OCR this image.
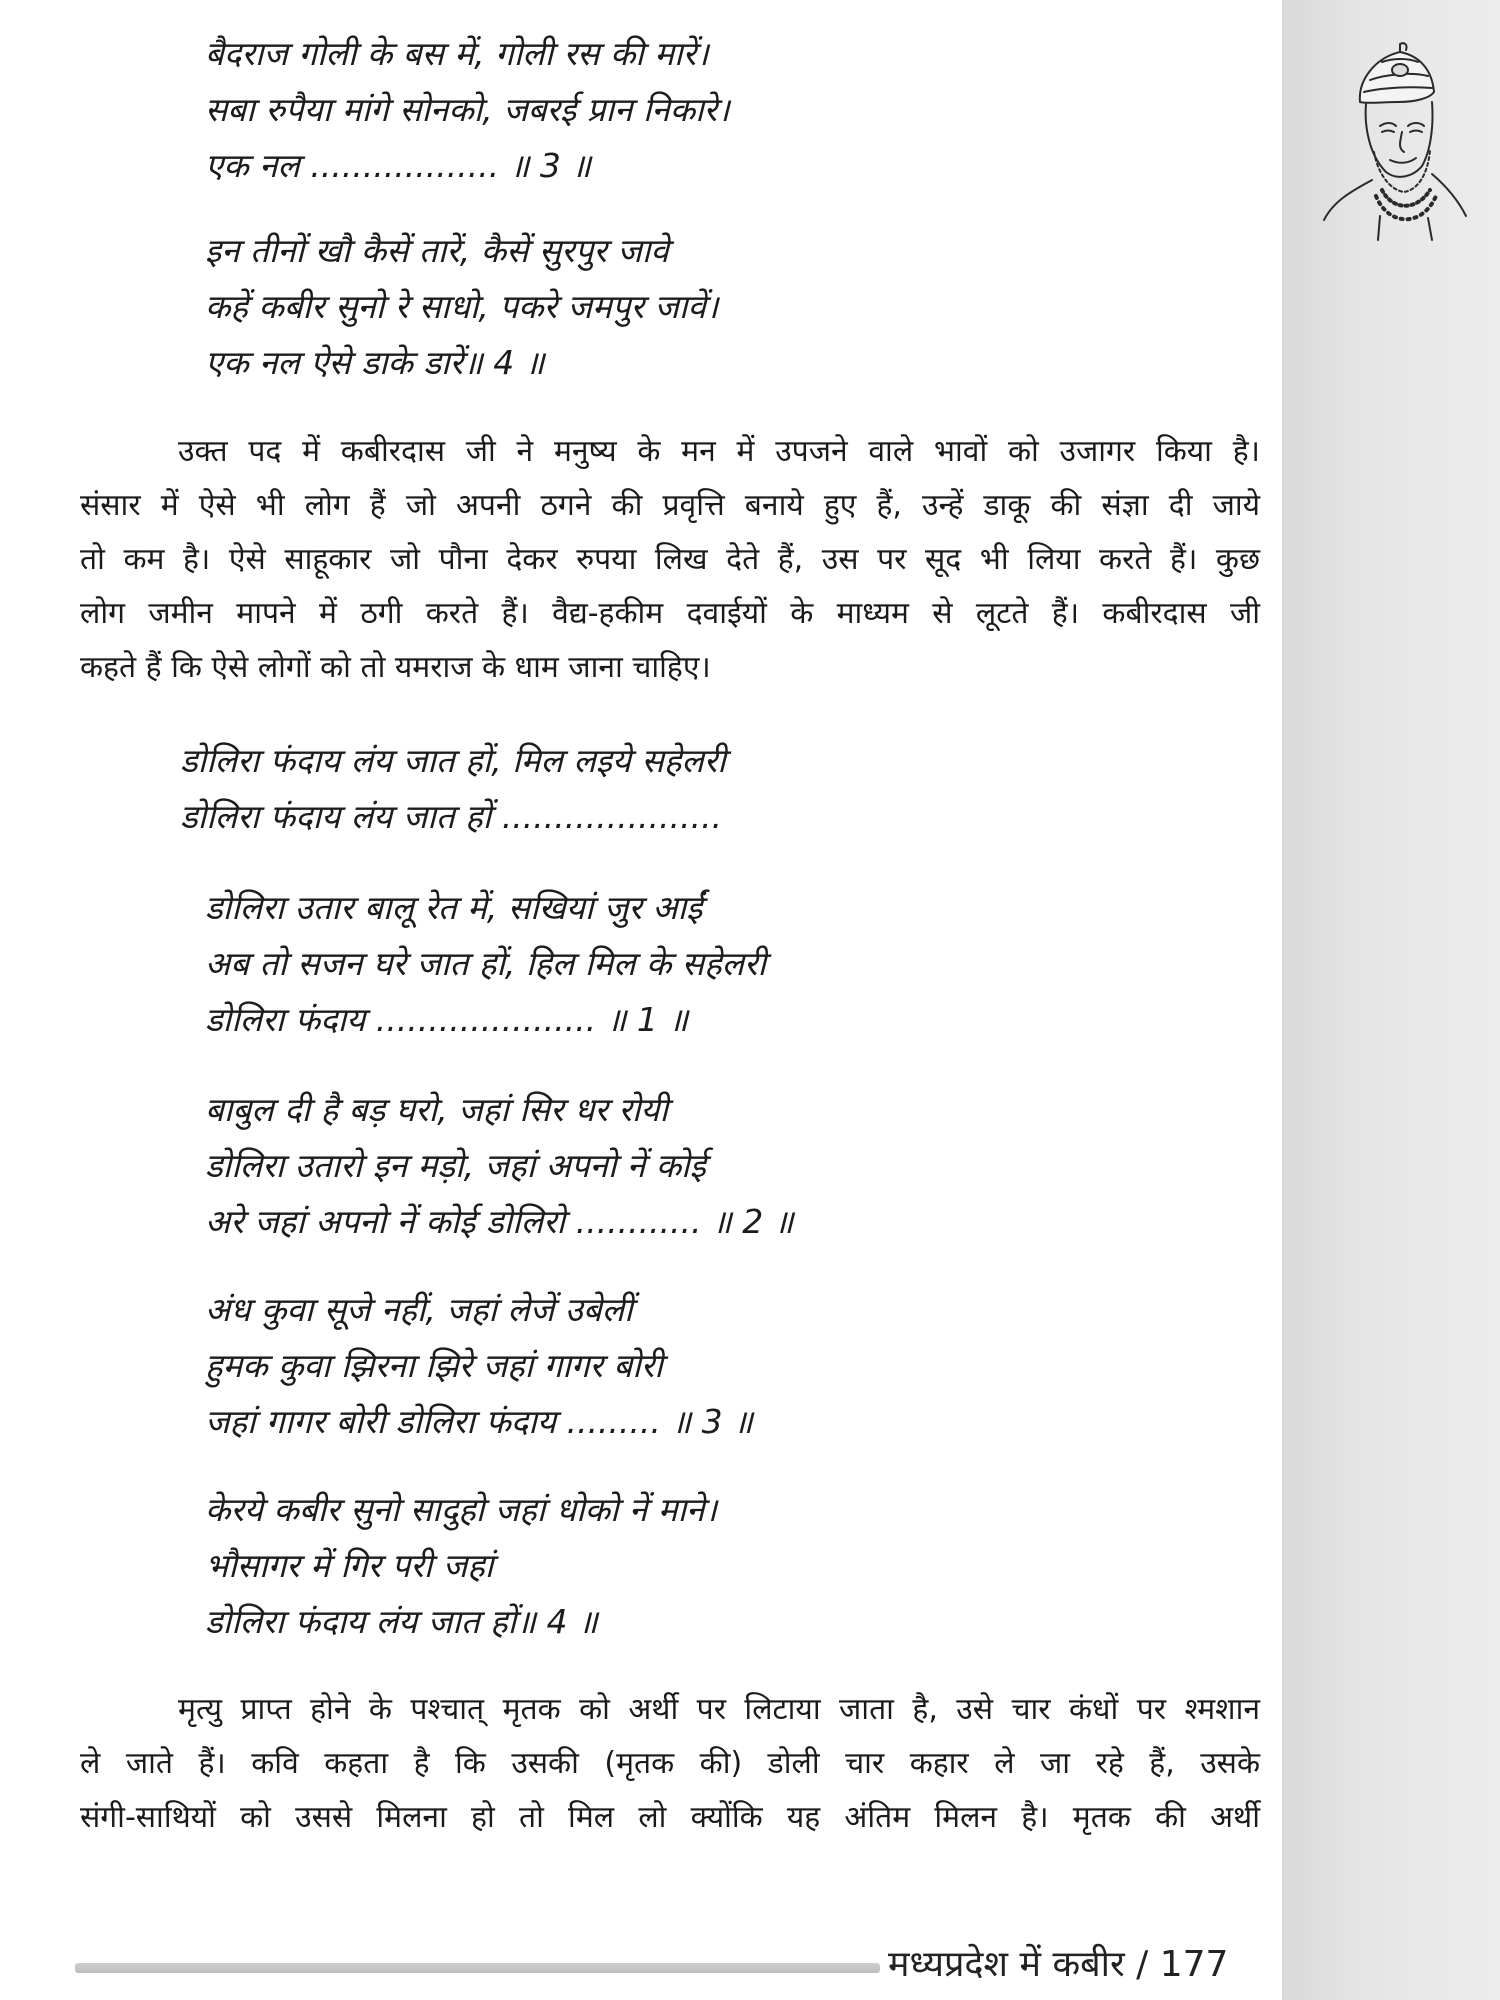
बैदराज गोली के बस में, गोली रस की मारें।
सबा रुपैया मांगे सोनको, जबरई प्रान निकारे।
एक नल .................. ॥ 3 ॥
इन तीनों खौ कैसें तारें, कैसें सुरपुर जावे
कहें कबीर सुनो रे साधो, पकरे जमपुर जावें।
एक नल ऐसे डाके डारें॥ 4 ॥

उक्त पद में कबीरदास जी ने मनुष्य के मन में उपजने वाले भावों को उजागर किया है।
संसार में ऐसे भी लोग हैं जो अपनी ठगने की प्रवृत्ति बनाये हुए हैं, उन्हें डाकू की संज्ञा दी जाये
तो कम है। ऐसे साहूकार जो पौना देकर रुपया लिख देते हैं, उस पर सूद भी लिया करते हैं। कुछ
लोग जमीन मापने में ठगी करते हैं। वैद्य-हकीम दवाईयों के माध्यम से लूटते हैं। कबीरदास जी
कहते हैं कि ऐसे लोगों को तो यमराज के धाम जाना चाहिए।

डोलिरा फंदाय लंय जात हों, मिल लइये सहेलरी
डोलिरा फंदाय लंय जात हों .....................
डोलिरा उतार बालू रेत में, सखियां जुर आईं
अब तो सजन घरे जात हों, हिल मिल के सहेलरी
डोलिरा फंदाय ..................... ॥ 1 ॥
बाबुल दी है बड़ घरो, जहां सिर धर रोयी
डोलिरा उतारो इन मड़ो, जहां अपनो नें कोई
अरे जहां अपनो नें कोई डोलिरो ............ ॥ 2 ॥
अंध कुवा सूजे नहीं, जहां लेजें उबेलीं
हुमक कुवा झिरना झिरे जहां गागर बोरी
जहां गागर बोरी डोलिरा फंदाय ......... ॥ 3 ॥
केरये कबीर सुनो सादुहो जहां धोको नें माने।
भौसागर में गिर परी जहां
डोलिरा फंदाय लंय जात हों॥ 4 ॥

मृत्यु प्राप्त होने के पश्चात् मृतक को अर्थी पर लिटाया जाता है, उसे चार कंधों पर श्मशान
ले जाते हैं। कवि कहता है कि उसकी (मृतक की) डोली चार कहार ले जा रहे हैं, उसके
संगी-साथियों को उससे मिलना हो तो मिल लो क्योंकि यह अंतिम मिलन है। मृतक की अर्थी

मध्यप्रदेश में कबीर / 177
